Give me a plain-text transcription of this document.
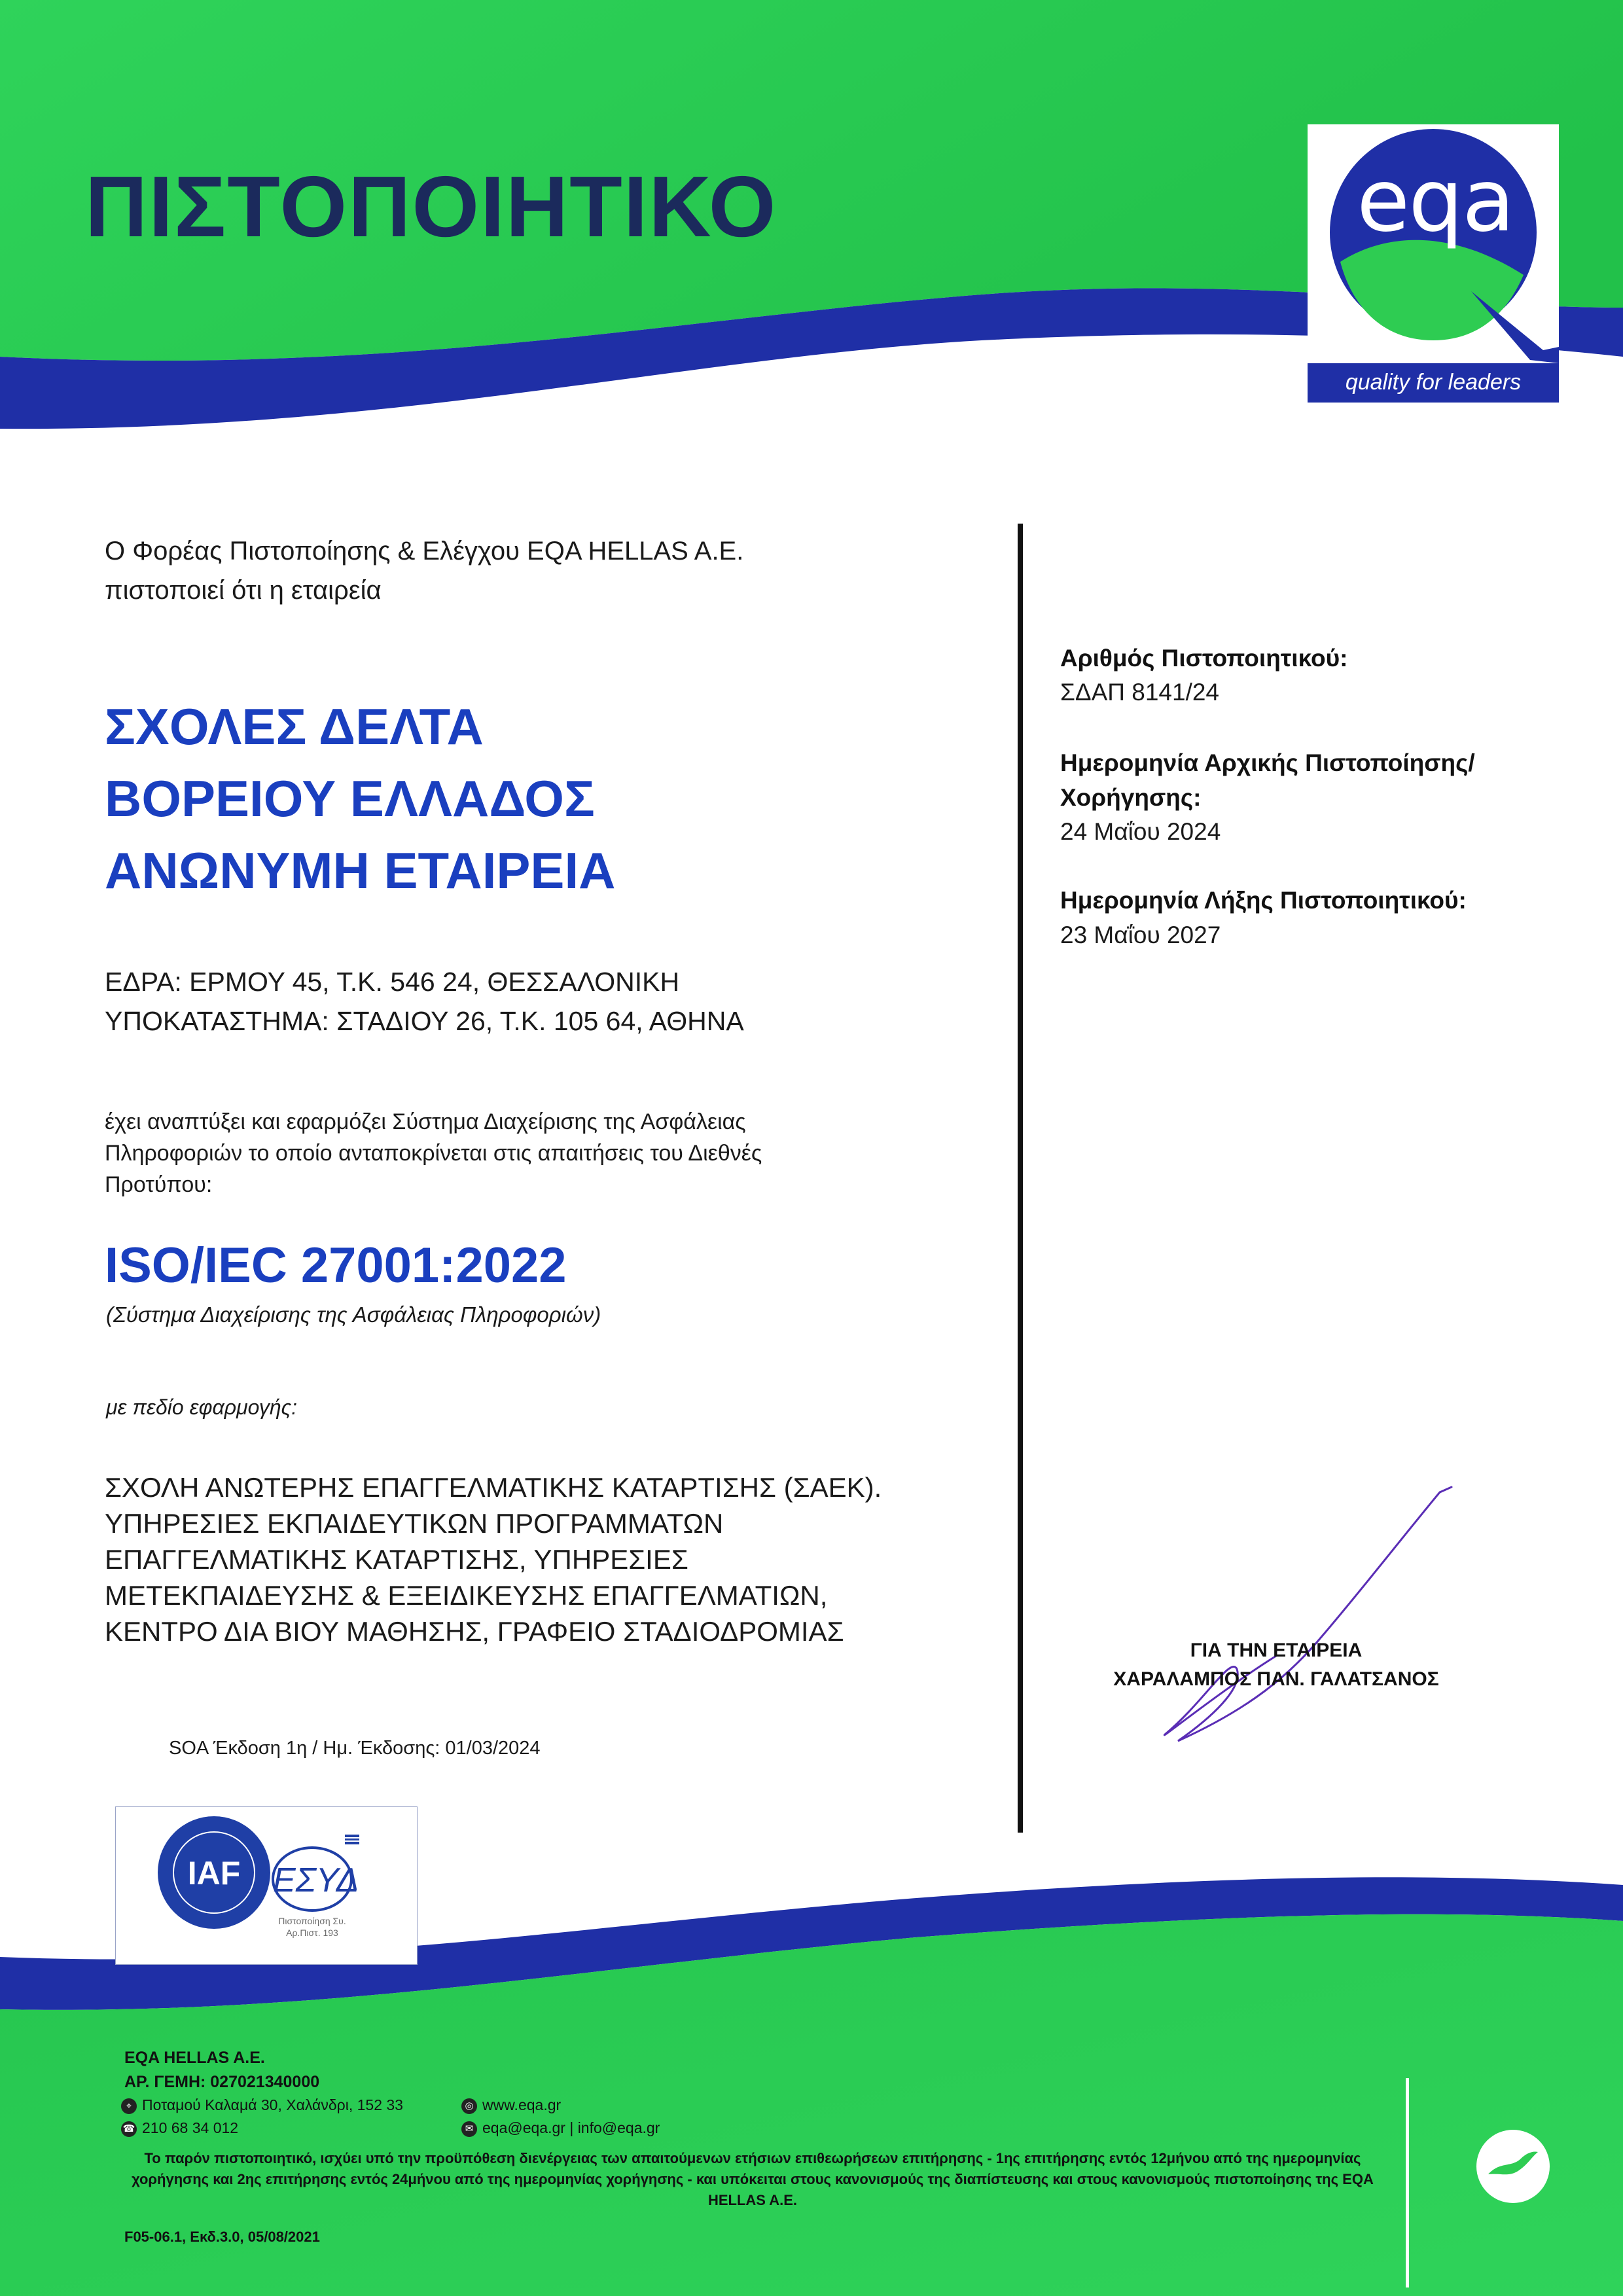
ΠΙΣΤΟΠΟΙΗΤΙΚΟ	eqa
quality for leaders
Ο Φορέας Πιστοποίησης & Ελέγχου EQA HELLAS A.E.
πιστοποιεί ότι η εταιρεία
ΣΧΟΛΕΣ ΔΕΛΤΑ
ΒΟΡΕΙΟΥ ΕΛΛΑΔΟΣ
ΑΝΩΝΥΜΗ ΕΤΑΙΡΕΙΑ
ΕΔΡΑ: ΕΡΜΟΥ 45, Τ.Κ. 546 24, ΘΕΣΣΑΛΟΝΙΚΗ
ΥΠΟΚΑΤΑΣΤΗΜΑ: ΣΤΑΔΙΟΥ 26, Τ.Κ. 105 64, ΑΘΗΝΑ
έχει αναπτύξει και εφαρμόζει Σύστημα Διαχείρισης της Ασφάλειας Πληροφοριών το οποίο ανταποκρίνεται στις απαιτήσεις του Διεθνές Προτύπου:
ISO/IEC 27001:2022
(Σύστημα Διαχείρισης της Ασφάλειας Πληροφοριών)
με πεδίο εφαρμογής:
ΣΧΟΛΗ ΑΝΩΤΕΡΗΣ ΕΠΑΓΓΕΛΜΑΤΙΚΗΣ ΚΑΤΑΡΤΙΣΗΣ (ΣΑΕΚ). ΥΠΗΡΕΣΙΕΣ ΕΚΠΑΙΔΕΥΤΙΚΩΝ ΠΡΟΓΡΑΜΜΑΤΩΝ ΕΠΑΓΓΕΛΜΑΤΙΚΗΣ ΚΑΤΑΡΤΙΣΗΣ, ΥΠΗΡΕΣΙΕΣ ΜΕΤΕΚΠΑΙΔΕΥΣΗΣ & ΕΞΕΙΔΙΚΕΥΣΗΣ ΕΠΑΓΓΕΛΜΑΤΙΩΝ, ΚΕΝΤΡΟ ΔΙΑ ΒΙΟΥ ΜΑΘΗΣΗΣ, ΓΡΑΦΕΙΟ ΣΤΑΔΙΟΔΡΟΜΙΑΣ
SOA Έκδοση 1η / Ημ. Έκδοσης: 01/03/2024
Αριθμός Πιστοποιητικού:
ΣΔΑΠ 8141/24
Ημερομηνία Αρχικής Πιστοποίησης/
Χορήγησης:
24 Μαΐου 2024
Ημερομηνία Λήξης Πιστοποιητικού:
23 Μαΐου 2027
ΓΙΑ ΤΗΝ ΕΤΑΙΡΕΙΑ
ΧΑΡΑΛΑΜΠΟΣ ΠΑΝ. ΓΑΛΑΤΣΑΝΟΣ
IAF ΕΣΥΔ
Πιστοποίηση Συ.
Αρ.Πιστ. 193
EQA HELLAS A.E.
ΑΡ. ΓΕΜΗ: 027021340000
⌖ Ποταμού Καλαμά 30, Χαλάνδρι, 152 33	◎ www.eqa.gr
☎ 210 68 34 012	✉ eqa@eqa.gr | info@eqa.gr
Το παρόν πιστοποιητικό, ισχύει υπό την προϋπόθεση διενέργειας των απαιτούμενων ετήσιων επιθεωρήσεων επιτήρησης - 1ης επιτήρησης εντός 12μήνου από της ημερομηνίας χορήγησης και 2ης επιτήρησης εντός 24μήνου από της ημερομηνίας χορήγησης - και υπόκειται στους κανονισμούς της διαπίστευσης και στους κανονισμούς πιστοποίησης της EQA HELLAS A.E.
F05-06.1, Εκδ.3.0, 05/08/2021
